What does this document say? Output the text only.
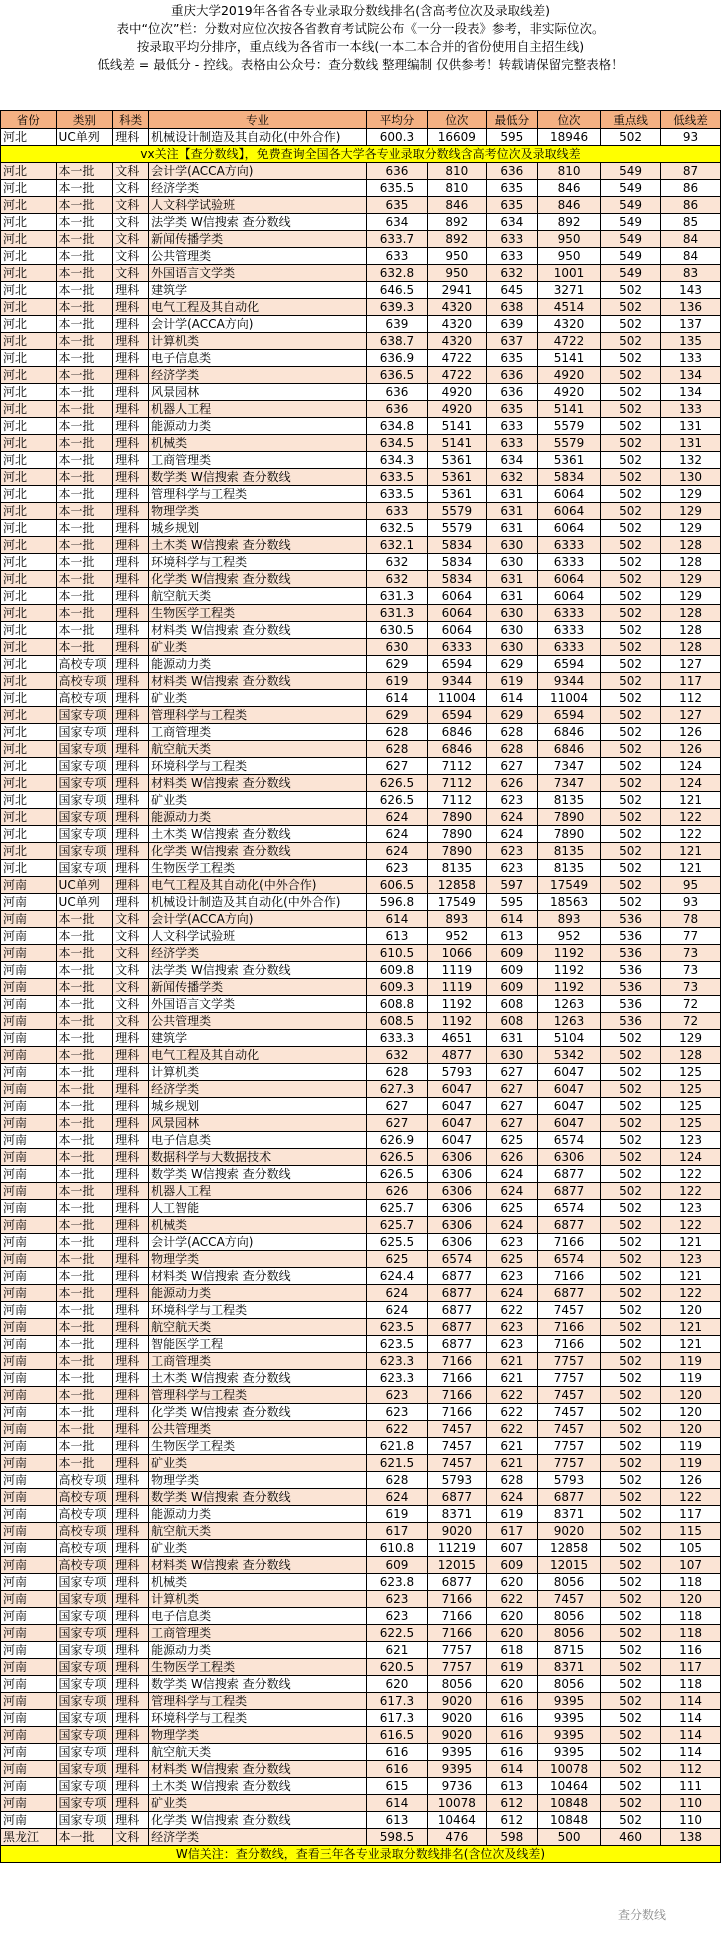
重庆大学2019年各省各专业录取分数线排名(含高考位次及录取线差)
表中“位次”栏：分数对应位次按各省教育考试院公布《一分一段表》参考，非实际位次。
按录取平均分排序，重点线为各省市一本线(一本二本合并的省份使用自主招生线)
低线差 = 最低分 - 控线。表格由公众号：查分数线 整理编制 仅供参考！转载请保留完整表格！
省份	类别	科类	专业	平均分	位次	最低分	位次	重点线	低线差
河北	UC单列	理科	机械设计制造及其自动化(中外合作)	600.3	16609	595	18946	502	93
vx关注【查分数线】，免费查询全国各大学各专业录取分数线含高考位次及录取线差									
河北	本一批	文科	会计学(ACCA方向)	636	810	636	810	549	87
河北	本一批	文科	经济学类	635.5	810	635	846	549	86
河北	本一批	文科	人文科学试验班	635	846	635	846	549	86
河北	本一批	文科	法学类 W信搜索 查分数线	634	892	634	892	549	85
河北	本一批	文科	新闻传播学类	633.7	892	633	950	549	84
河北	本一批	文科	公共管理类	633	950	633	950	549	84
河北	本一批	文科	外国语言文学类	632.8	950	632	1001	549	83
河北	本一批	理科	建筑学	646.5	2941	645	3271	502	143
河北	本一批	理科	电气工程及其自动化	639.3	4320	638	4514	502	136
河北	本一批	理科	会计学(ACCA方向)	639	4320	639	4320	502	137
河北	本一批	理科	计算机类	638.7	4320	637	4722	502	135
河北	本一批	理科	电子信息类	636.9	4722	635	5141	502	133
河北	本一批	理科	经济学类	636.5	4722	636	4920	502	134
河北	本一批	理科	风景园林	636	4920	636	4920	502	134
河北	本一批	理科	机器人工程	636	4920	635	5141	502	133
河北	本一批	理科	能源动力类	634.8	5141	633	5579	502	131
河北	本一批	理科	机械类	634.5	5141	633	5579	502	131
河北	本一批	理科	工商管理类	634.3	5361	634	5361	502	132
河北	本一批	理科	数学类 W信搜索 查分数线	633.5	5361	632	5834	502	130
河北	本一批	理科	管理科学与工程类	633.5	5361	631	6064	502	129
河北	本一批	理科	物理学类	633	5579	631	6064	502	129
河北	本一批	理科	城乡规划	632.5	5579	631	6064	502	129
河北	本一批	理科	土木类 W信搜索 查分数线	632.1	5834	630	6333	502	128
河北	本一批	理科	环境科学与工程类	632	5834	630	6333	502	128
河北	本一批	理科	化学类 W信搜索 查分数线	632	5834	631	6064	502	129
河北	本一批	理科	航空航天类	631.3	6064	631	6064	502	129
河北	本一批	理科	生物医学工程类	631.3	6064	630	6333	502	128
河北	本一批	理科	材料类 W信搜索 查分数线	630.5	6064	630	6333	502	128
河北	本一批	理科	矿业类	630	6333	630	6333	502	128
河北	高校专项	理科	能源动力类	629	6594	629	6594	502	127
河北	高校专项	理科	材料类 W信搜索 查分数线	619	9344	619	9344	502	117
河北	高校专项	理科	矿业类	614	11004	614	11004	502	112
河北	国家专项	理科	管理科学与工程类	629	6594	629	6594	502	127
河北	国家专项	理科	工商管理类	628	6846	628	6846	502	126
河北	国家专项	理科	航空航天类	628	6846	628	6846	502	126
河北	国家专项	理科	环境科学与工程类	627	7112	627	7347	502	124
河北	国家专项	理科	材料类 W信搜索 查分数线	626.5	7112	626	7347	502	124
河北	国家专项	理科	矿业类	626.5	7112	623	8135	502	121
河北	国家专项	理科	能源动力类	624	7890	624	7890	502	122
河北	国家专项	理科	土木类 W信搜索 查分数线	624	7890	624	7890	502	122
河北	国家专项	理科	化学类 W信搜索 查分数线	624	7890	623	8135	502	121
河北	国家专项	理科	生物医学工程类	623	8135	623	8135	502	121
河南	UC单列	理科	电气工程及其自动化(中外合作)	606.5	12858	597	17549	502	95
河南	UC单列	理科	机械设计制造及其自动化(中外合作)	596.8	17549	595	18563	502	93
河南	本一批	文科	会计学(ACCA方向)	614	893	614	893	536	78
河南	本一批	文科	人文科学试验班	613	952	613	952	536	77
河南	本一批	文科	经济学类	610.5	1066	609	1192	536	73
河南	本一批	文科	法学类 W信搜索 查分数线	609.8	1119	609	1192	536	73
河南	本一批	文科	新闻传播学类	609.3	1119	609	1192	536	73
河南	本一批	文科	外国语言文学类	608.8	1192	608	1263	536	72
河南	本一批	文科	公共管理类	608.5	1192	608	1263	536	72
河南	本一批	理科	建筑学	633.3	4651	631	5104	502	129
河南	本一批	理科	电气工程及其自动化	632	4877	630	5342	502	128
河南	本一批	理科	计算机类	628	5793	627	6047	502	125
河南	本一批	理科	经济学类	627.3	6047	627	6047	502	125
河南	本一批	理科	城乡规划	627	6047	627	6047	502	125
河南	本一批	理科	风景园林	627	6047	627	6047	502	125
河南	本一批	理科	电子信息类	626.9	6047	625	6574	502	123
河南	本一批	理科	数据科学与大数据技术	626.5	6306	626	6306	502	124
河南	本一批	理科	数学类 W信搜索 查分数线	626.5	6306	624	6877	502	122
河南	本一批	理科	机器人工程	626	6306	624	6877	502	122
河南	本一批	理科	人工智能	625.7	6306	625	6574	502	123
河南	本一批	理科	机械类	625.7	6306	624	6877	502	122
河南	本一批	理科	会计学(ACCA方向)	625.5	6306	623	7166	502	121
河南	本一批	理科	物理学类	625	6574	625	6574	502	123
河南	本一批	理科	材料类 W信搜索 查分数线	624.4	6877	623	7166	502	121
河南	本一批	理科	能源动力类	624	6877	624	6877	502	122
河南	本一批	理科	环境科学与工程类	624	6877	622	7457	502	120
河南	本一批	理科	航空航天类	623.5	6877	623	7166	502	121
河南	本一批	理科	智能医学工程	623.5	6877	623	7166	502	121
河南	本一批	理科	工商管理类	623.3	7166	621	7757	502	119
河南	本一批	理科	土木类 W信搜索 查分数线	623.3	7166	621	7757	502	119
河南	本一批	理科	管理科学与工程类	623	7166	622	7457	502	120
河南	本一批	理科	化学类 W信搜索 查分数线	623	7166	622	7457	502	120
河南	本一批	理科	公共管理类	622	7457	622	7457	502	120
河南	本一批	理科	生物医学工程类	621.8	7457	621	7757	502	119
河南	本一批	理科	矿业类	621.5	7457	621	7757	502	119
河南	高校专项	理科	物理学类	628	5793	628	5793	502	126
河南	高校专项	理科	数学类 W信搜索 查分数线	624	6877	624	6877	502	122
河南	高校专项	理科	能源动力类	619	8371	619	8371	502	117
河南	高校专项	理科	航空航天类	617	9020	617	9020	502	115
河南	高校专项	理科	矿业类	610.8	11219	607	12858	502	105
河南	高校专项	理科	材料类 W信搜索 查分数线	609	12015	609	12015	502	107
河南	国家专项	理科	机械类	623.8	6877	620	8056	502	118
河南	国家专项	理科	计算机类	623	7166	622	7457	502	120
河南	国家专项	理科	电子信息类	623	7166	620	8056	502	118
河南	国家专项	理科	工商管理类	622.5	7166	620	8056	502	118
河南	国家专项	理科	能源动力类	621	7757	618	8715	502	116
河南	国家专项	理科	生物医学工程类	620.5	7757	619	8371	502	117
河南	国家专项	理科	数学类 W信搜索 查分数线	620	8056	620	8056	502	118
河南	国家专项	理科	管理科学与工程类	617.3	9020	616	9395	502	114
河南	国家专项	理科	环境科学与工程类	617.3	9020	616	9395	502	114
河南	国家专项	理科	物理学类	616.5	9020	616	9395	502	114
河南	国家专项	理科	航空航天类	616	9395	616	9395	502	114
河南	国家专项	理科	材料类 W信搜索 查分数线	616	9395	614	10078	502	112
河南	国家专项	理科	土木类 W信搜索 查分数线	615	9736	613	10464	502	111
河南	国家专项	理科	矿业类	614	10078	612	10848	502	110
河南	国家专项	理科	化学类 W信搜索 查分数线	613	10464	612	10848	502	110
黑龙江	本一批	文科	经济学类	598.5	476	598	500	460	138
W信关注：查分数线，查看三年各专业录取分数线排名(含位次及线差)									
查分数线
